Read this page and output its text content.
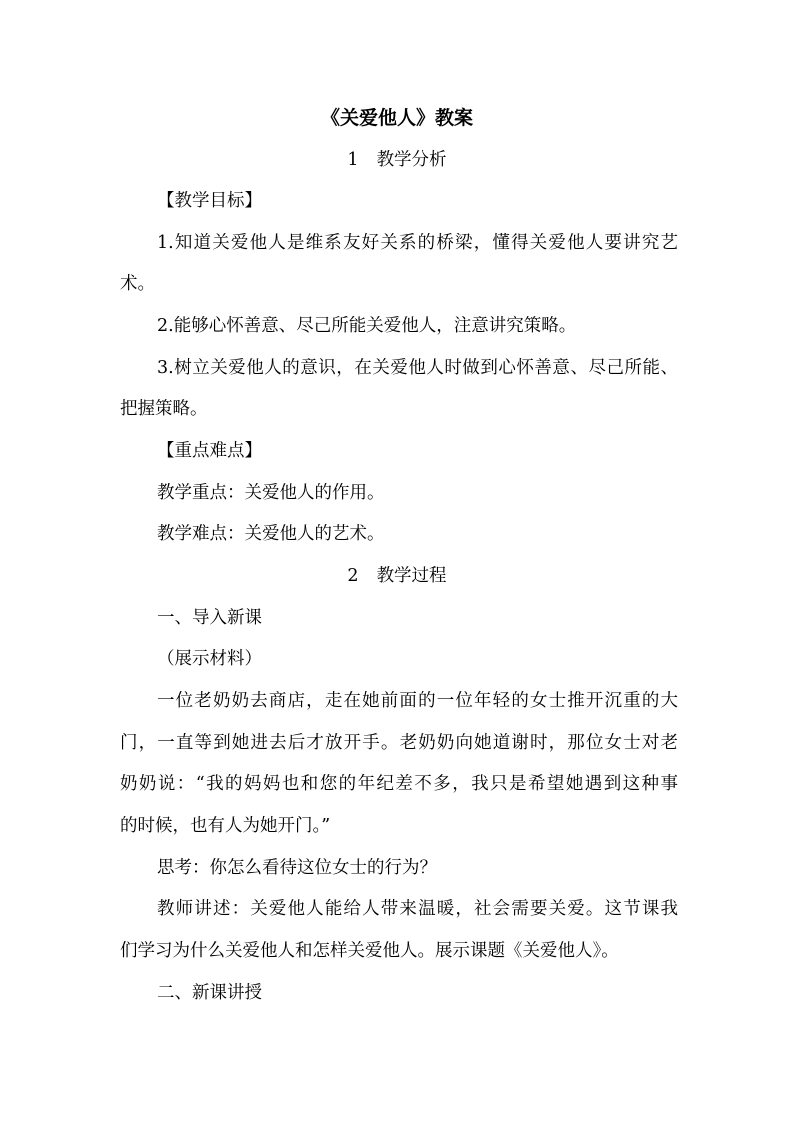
《关爱他人》教案
1 教学分析
【教学目标】
1.知道关爱他人是维系友好关系的桥梁，懂得关爱他人要讲究艺
术。
2.能够心怀善意、尽己所能关爱他人，注意讲究策略。
3.树立关爱他人的意识，在关爱他人时做到心怀善意、尽己所能、
把握策略。
【重点难点】
教学重点：关爱他人的作用。
教学难点：关爱他人的艺术。
2 教学过程
一、导入新课
（展示材料）
一位老奶奶去商店，走在她前面的一位年轻的女士推开沉重的大
门，一直等到她进去后才放开手。老奶奶向她道谢时，那位女士对老
奶奶说：“我的妈妈也和您的年纪差不多，我只是希望她遇到这种事
的时候，也有人为她开门。”
思考：你怎么看待这位女士的行为？
教师讲述：关爱他人能给人带来温暖，社会需要关爱。这节课我
们学习为什么关爱他人和怎样关爱他人。展示课题《关爱他人》。
二、新课讲授
